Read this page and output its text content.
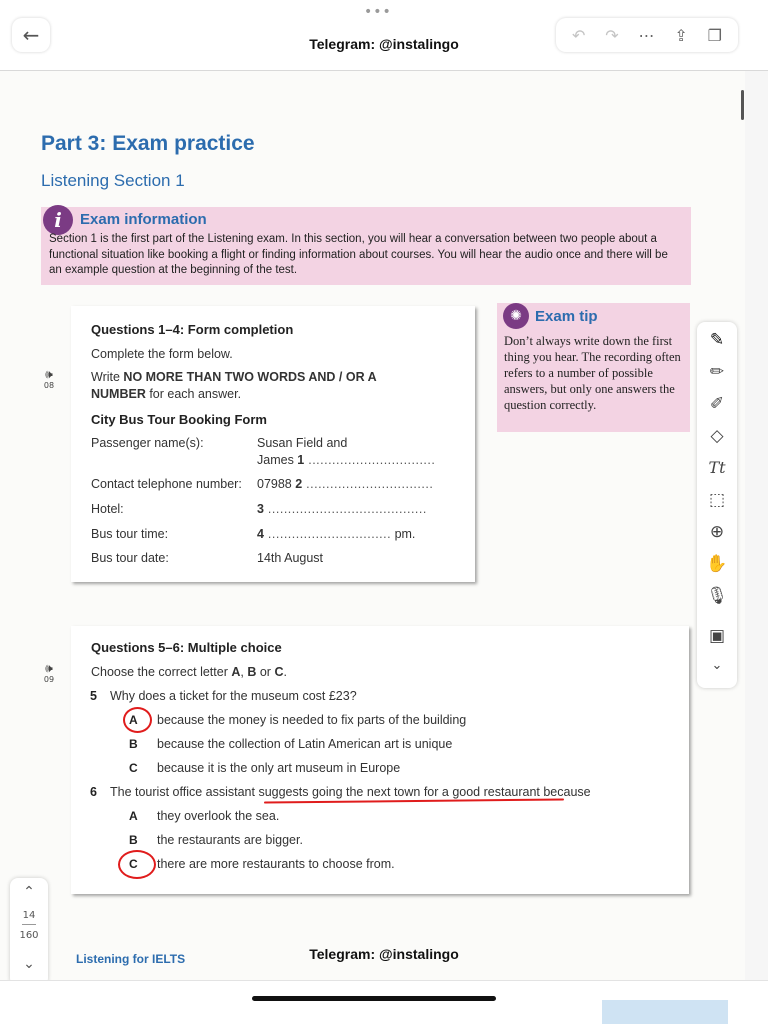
•••
←	Telegram: @instalingo	↶ ↷ ⋯ ⇪ ❐
Part 3: Exam practice
Listening Section 1
i	Exam information
Section 1 is the first part of the Listening exam. In this section, you will hear a conversation between two people about a functional situation like booking a flight or finding information about courses. You will hear the audio once and there will be an example question at the beginning of the test.
🕪
08
Questions 1–4: Form completion
Complete the form below.
Write NO MORE THAN TWO WORDS AND / OR A NUMBER for each answer.
City Bus Tour Booking Form
Passenger name(s):	Susan Field and
James 1 ................................
Contact telephone number: 07988 2 ................................
Hotel:	3 ........................................
Bus tour time:	4 ............................... pm.
Bus tour date:	14th August
✺ Exam tip
Don’t always write down the first thing you hear. The recording often refers to a number of possible answers, but only one answers the question correctly.
🕪
09
Questions 5–6: Multiple choice
Choose the correct letter A, B or C.
5 Why does a ticket for the museum cost £23?
A because the money is needed to fix parts of the building
B because the collection of Latin American art is unique
C because it is the only art museum in Europe
6 The tourist office assistant suggests going the next town for a good restaurant because
A they overlook the sea.
B the restaurants are bigger.
C there are more restaurants to choose from.
✎
✏
✐
◇
Tt
⬚
⊕
✋
🎙
▣
⌄
⌃
14
160
⌄	Listening for IELTS	Telegram: @instalingo
